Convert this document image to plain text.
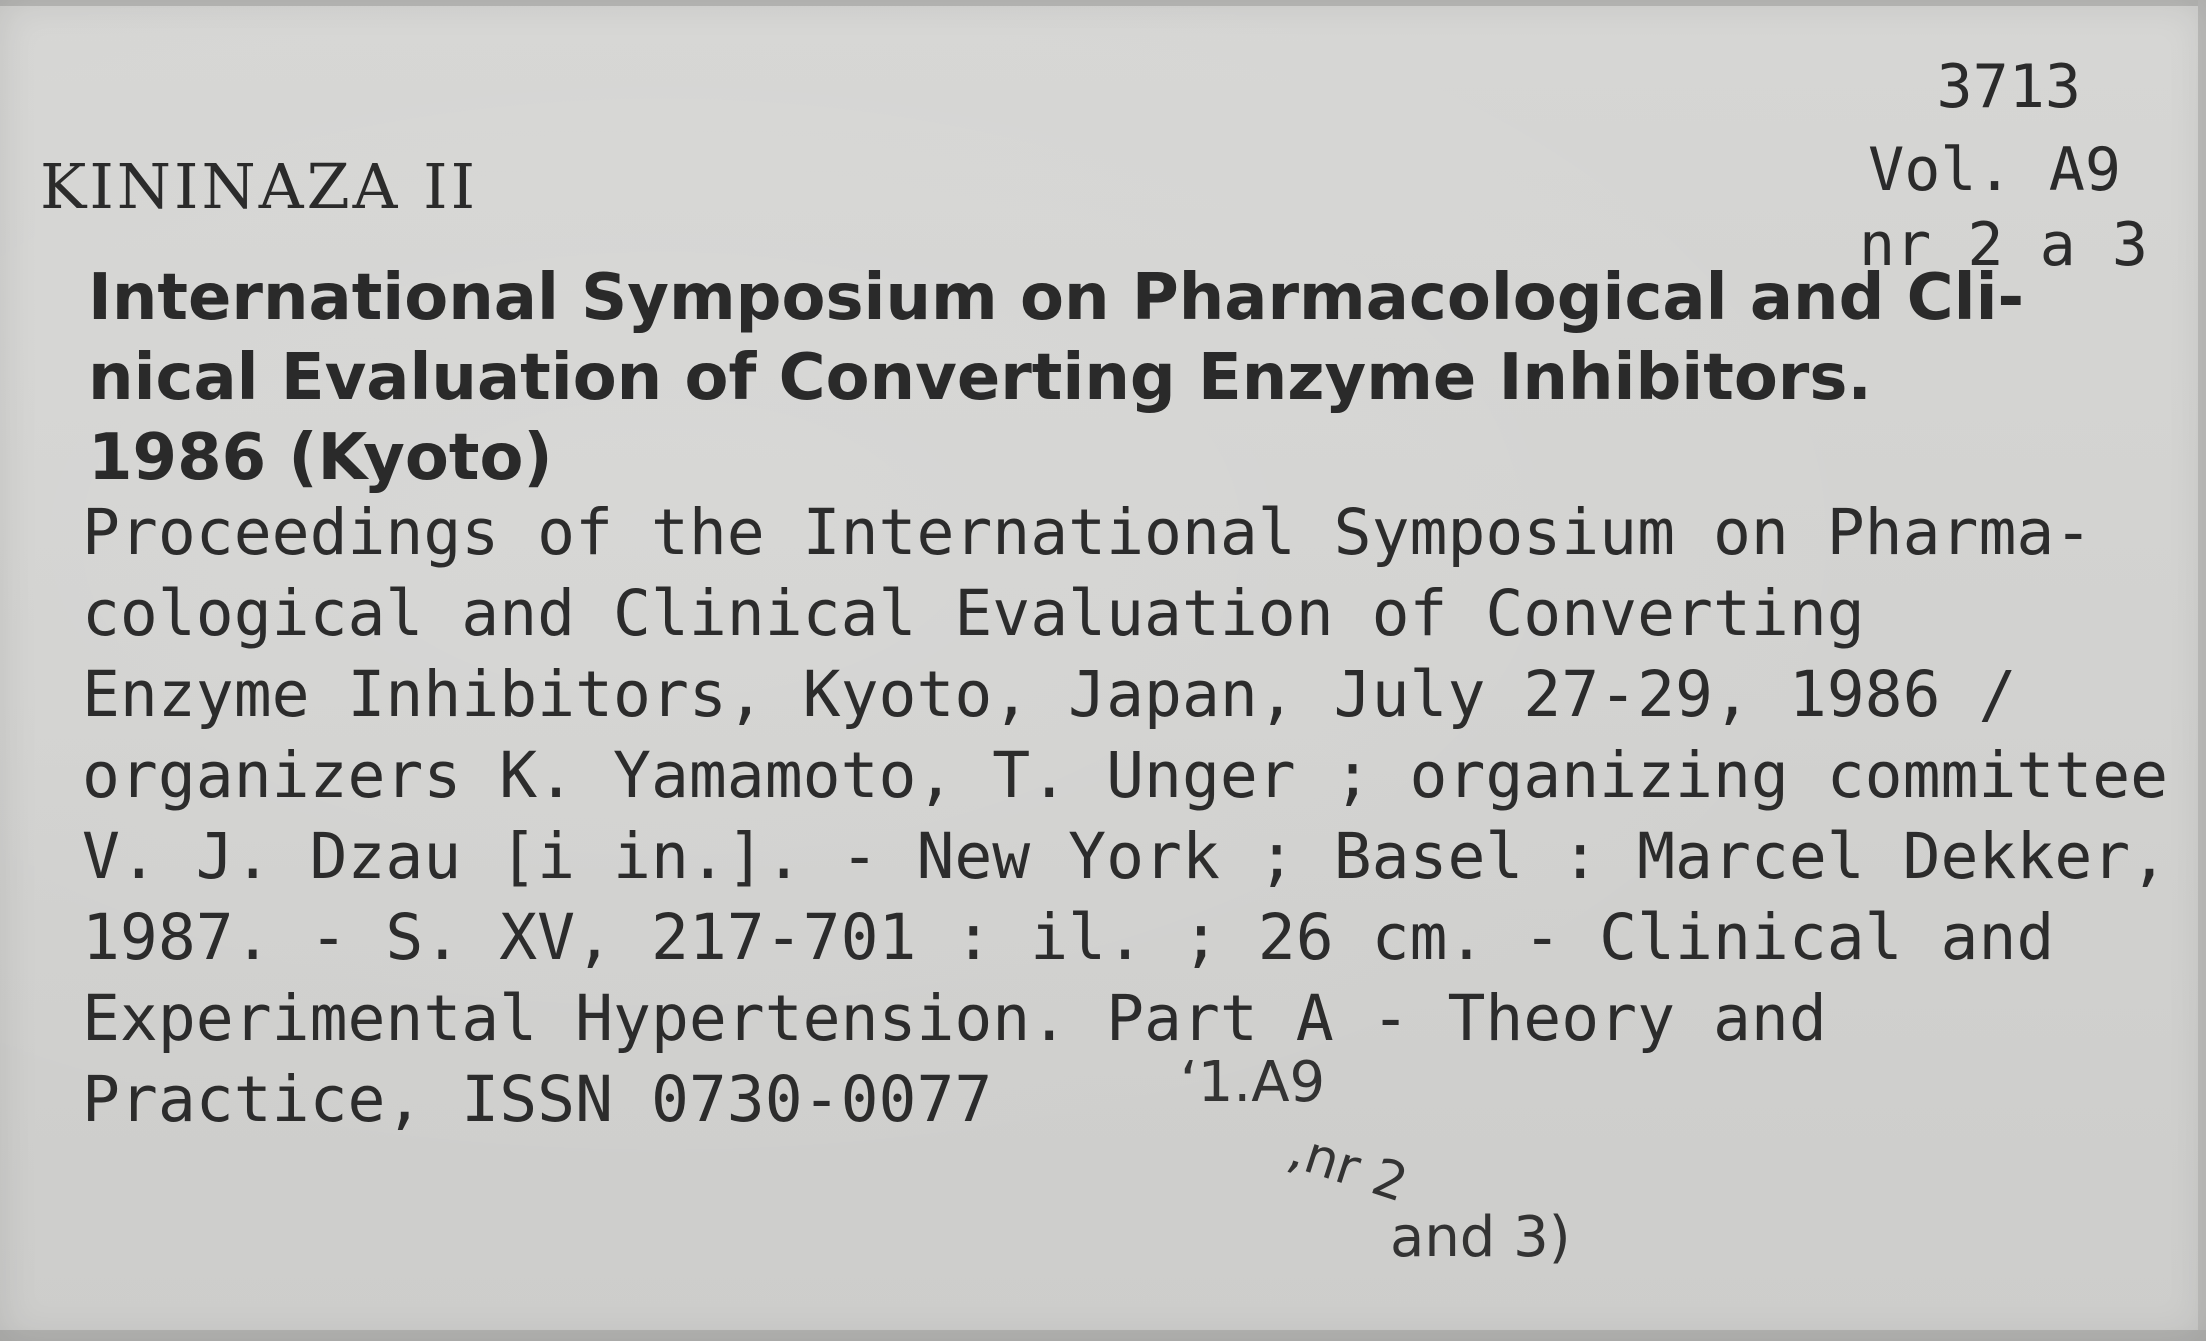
3713
Vol. A9
nr 2 a 3
KININAZA II
International Symposium on Pharmacological and Cli-
nical Evaluation of Converting Enzyme Inhibitors.
1986 (Kyoto)
Proceedings of the International Symposium on Pharma-
cological and Clinical Evaluation of Converting
Enzyme Inhibitors, Kyoto, Japan, July 27-29, 1986 /
organizers K. Yamamoto, T. Unger ; organizing committee
V. J. Dzau [i in.]. - New York ; Basel : Marcel Dekker,
1987. - S. XV, 217-701 : il. ; 26 cm. - Clinical and
Experimental Hypertension. Part A - Theory and
Practice, ISSN 0730-0077	‘1.A9
,nr 2
and 3)
